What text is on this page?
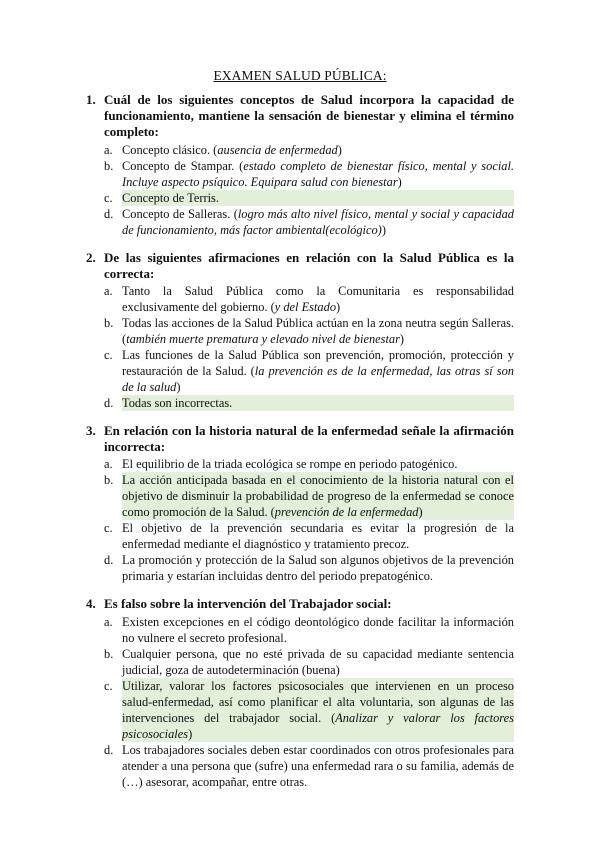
EXAMEN SALUD PÚBLICA:
1. Cuál de los siguientes conceptos de Salud incorpora la capacidad de funcionamiento, mantiene la sensación de bienestar y elimina el término completo:
a. Concepto clásico. (ausencia de enfermedad)
b. Concepto de Stampar. (estado completo de bienestar físico, mental y social. Incluye aspecto psíquico. Equipara salud con bienestar)
c. Concepto de Terris.
d. Concepto de Salleras. (logro más alto nivel físico, mental y social y capacidad de funcionamiento, más factor ambiental(ecológico))
2. De las siguientes afirmaciones en relación con la Salud Pública es la correcta:
a. Tanto la Salud Pública como la Comunitaria es responsabilidad exclusivamente del gobierno. (y del Estado)
b. Todas las acciones de la Salud Pública actúan en la zona neutra según Salleras. (también muerte prematura y elevado nivel de bienestar)
c. Las funciones de la Salud Pública son prevención, promoción, protección y restauración de la Salud. (la prevención es de la enfermedad, las otras sí son de la salud)
d. Todas son incorrectas.
3. En relación con la historia natural de la enfermedad señale la afirmación incorrecta:
a. El equilibrio de la triada ecológica se rompe en periodo patogénico.
b. La acción anticipada basada en el conocimiento de la historia natural con el objetivo de disminuir la probabilidad de progreso de la enfermedad se conoce como promoción de la Salud. (prevención de la enfermedad)
c. El objetivo de la prevención secundaria es evitar la progresión de la enfermedad mediante el diagnóstico y tratamiento precoz.
d. La promoción y protección de la Salud son algunos objetivos de la prevención primaria y estarían incluidas dentro del periodo prepatogénico.
4. Es falso sobre la intervención del Trabajador social:
a. Existen excepciones en el código deontológico donde facilitar la información no vulnere el secreto profesional.
b. Cualquier persona, que no esté privada de su capacidad mediante sentencia judicial, goza de autodeterminación (buena)
c. Utilizar, valorar los factores psicosociales que intervienen en un proceso salud-enfermedad, así como planificar el alta voluntaria, son algunas de las intervenciones del trabajador social. (Analizar y valorar los factores psicosociales)
d. Los trabajadores sociales deben estar coordinados con otros profesionales para atender a una persona que (sufre) una enfermedad rara o su familia, además de (…) asesorar, acompañar, entre otras.
